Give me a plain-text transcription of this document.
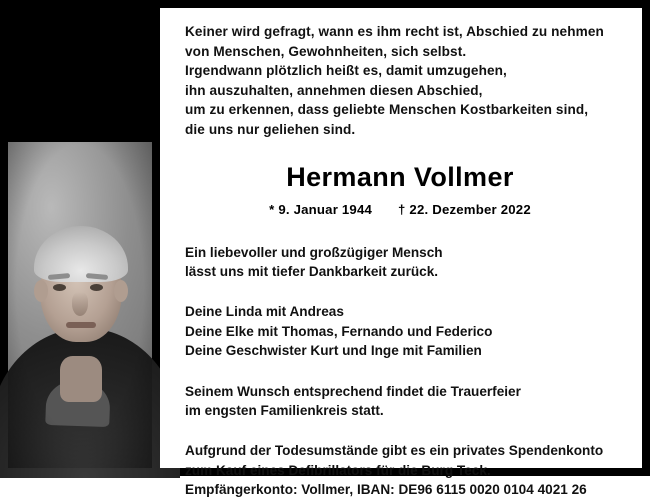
Keiner wird gefragt, wann es ihm recht ist, Abschied zu nehmen
von Menschen, Gewohnheiten, sich selbst.
Irgendwann plötzlich heißt es, damit umzugehen,
ihn auszuhalten, annehmen diesen Abschied,
um zu erkennen, dass geliebte Menschen Kostbarkeiten sind,
die uns nur geliehen sind.
Hermann Vollmer
* 9. Januar 1944 † 22. Dezember 2022
Ein liebevoller und großzügiger Mensch
lässt uns mit tiefer Dankbarkeit zurück.
Deine Linda mit Andreas
Deine Elke mit Thomas, Fernando und Federico
Deine Geschwister Kurt und Inge mit Familien
Seinem Wunsch entsprechend findet die Trauerfeier
im engsten Familienkreis statt.
Aufgrund der Todesumstände gibt es ein privates Spendenkonto
zum Kauf eines Defibrillators für die Burg Teck.
Empfängerkonto: Vollmer, IBAN: DE96 6115 0020 0104 4021 26
